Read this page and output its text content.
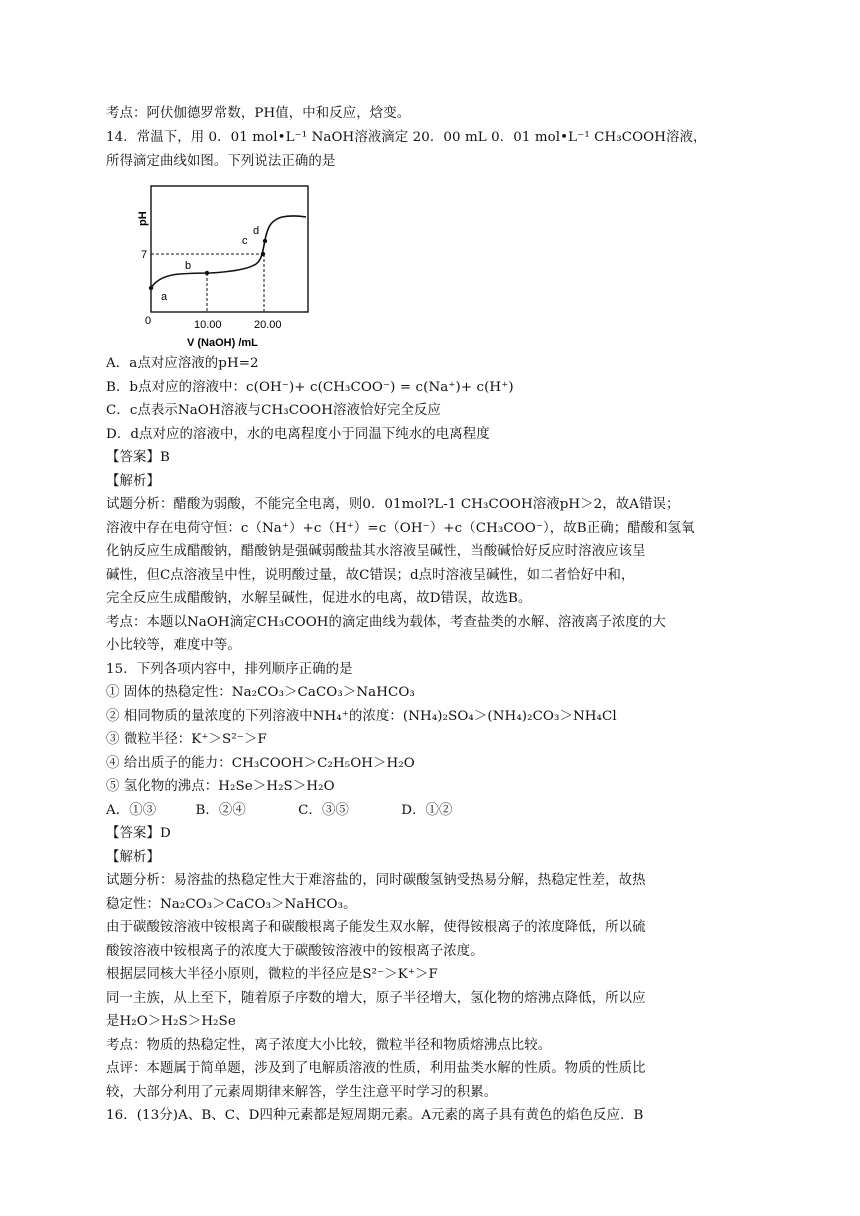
考点：阿伏伽德罗常数，PH值，中和反应，焓变。
14．常温下，用 0．01 mol•L⁻¹ NaOH溶液滴定 20．00 mL 0．01 mol•L⁻¹ CH₃COOH溶液，
所得滴定曲线如图。下列说法正确的是
pH
7
0	10.00	20.00
V (NaOH) /mL
a
b
c
d
A．a点对应溶液的pH=2
B．b点对应的溶液中：c(OH⁻)+ c(CH₃COO⁻) = c(Na⁺)+ c(H⁺)
C．c点表示NaOH溶液与CH₃COOH溶液恰好完全反应
D．d点对应的溶液中，水的电离程度小于同温下纯水的电离程度
【答案】B
【解析】
试题分析：醋酸为弱酸，不能完全电离，则0．01mol?L-1 CH₃COOH溶液pH＞2，故A错误；
溶液中存在电荷守恒：c（Na⁺）+c（H⁺）=c（OH⁻）+c（CH₃COO⁻），故B正确；醋酸和氢氧
化钠反应生成醋酸钠，醋酸钠是强碱弱酸盐其水溶液呈碱性，当酸碱恰好反应时溶液应该呈
碱性，但C点溶液呈中性，说明酸过量，故C错误；d点时溶液呈碱性，如二者恰好中和，
完全反应生成醋酸钠，水解呈碱性，促进水的电离，故D错误，故选B。
考点：本题以NaOH滴定CH₃COOH的滴定曲线为载体，考查盐类的水解、溶液离子浓度的大
小比较等，难度中等。
15．下列各项内容中，排列顺序正确的是
① 固体的热稳定性：Na₂CO₃＞CaCO₃＞NaHCO₃
② 相同物质的量浓度的下列溶液中NH₄⁺的浓度：(NH₄)₂SO₄＞(NH₄)₂CO₃＞NH₄Cl
③ 微粒半径：K⁺＞S²⁻＞F
④ 给出质子的能力：CH₃COOH＞C₂H₅OH＞H₂O
⑤ 氢化物的沸点：H₂Se＞H₂S＞H₂O
A．①③         B．②④            C．③⑤            D．①②
【答案】D
【解析】
试题分析：易溶盐的热稳定性大于难溶盐的，同时碳酸氢钠受热易分解，热稳定性差，故热
稳定性：Na₂CO₃＞CaCO₃＞NaHCO₃。
由于碳酸铵溶液中铵根离子和碳酸根离子能发生双水解，使得铵根离子的浓度降低，所以硫
酸铵溶液中铵根离子的浓度大于碳酸铵溶液中的铵根离子浓度。
根据层同核大半径小原则，微粒的半径应是S²⁻＞K⁺＞F
同一主族，从上至下，随着原子序数的增大，原子半径增大，氢化物的熔沸点降低，所以应
是H₂O＞H₂S＞H₂Se
考点：物质的热稳定性，离子浓度大小比较，微粒半径和物质熔沸点比较。
点评：本题属于简单题，涉及到了电解质溶液的性质，利用盐类水解的性质。物质的性质比
较，大部分利用了元素周期律来解答，学生注意平时学习的积累。
16．(13分)A、B、C、D四种元素都是短周期元素。A元素的离子具有黄色的焰色反应．B
